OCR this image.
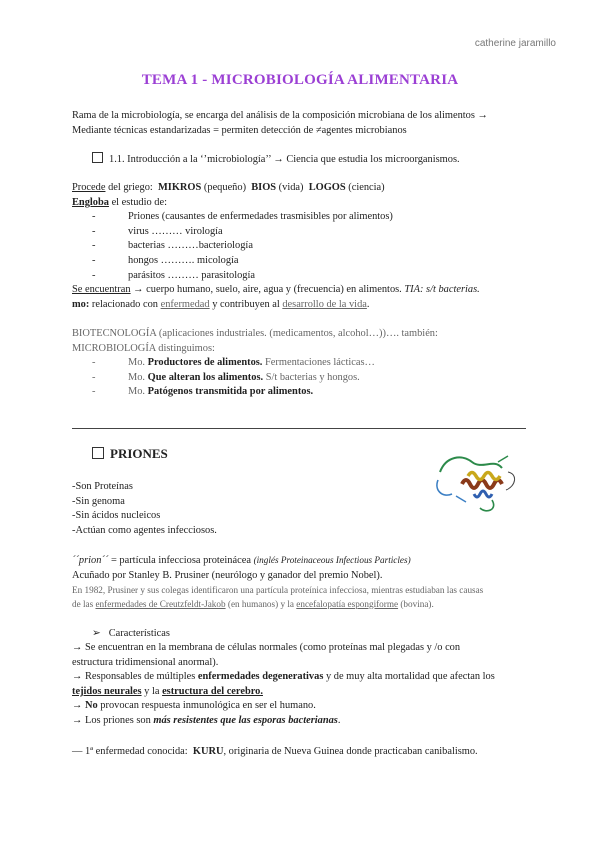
catherine jaramillo
TEMA 1 - MICROBIOLOGÍA ALIMENTARIA
Rama de la microbiología, se encarga del análisis de la composición microbiana de los alimentos →
Mediante técnicas estandarizadas = permiten detección de ≠agentes microbianos
1.1. Introducción a la ‘’microbiología’’ → Ciencia que estudia los microorganismos.
Procede del griego:  MIKROS (pequeño)  BIOS (vida)  LOGOS (ciencia)
Engloba el estudio de:
-	Priones (causantes de enfermedades trasmisibles por alimentos)
-	virus ……… virología
-	bacterias ………bacteriología
-	hongos ………. micología
-	parásitos ……… parasitología
Se encuentran → cuerpo humano, suelo, aire, agua y (frecuencia) en alimentos. TIA: s/t bacterias.
mo: relacionado con enfermedad y contribuyen al desarrollo de la vida.
BIOTECNOLOGÍA (aplicaciones industriales. (medicamentos, alcohol…))…. también:
MICROBIOLOGÍA distinguimos:
-	Mo. Productores de alimentos. Fermentaciones lácticas…
-	Mo. Que alteran los alimentos. S/t bacterias y hongos.
-	Mo. Patógenos transmitida por alimentos.
PRIONES
-Son Proteínas
-Sin genoma
-Sin ácidos nucleicos
-Actúan como agentes infecciosos.
´´prion´´ = partícula infecciosa proteinácea (inglés Proteinaceous Infectious Particles)
Acuñado por Stanley B. Prusiner (neurólogo y ganador del premio Nobel).
En 1982, Prusiner y sus colegas identificaron una partícula proteínica infecciosa, mientras estudiaban las causas
de las enfermedades de Creutzfeldt-Jakob (en humanos) y la encefalopatía espongiforme (bovina).
➢ Características
→ Se encuentran en la membrana de células normales (como proteínas mal plegadas y /o con
estructura tridimensional anormal).
→ Responsables de múltiples enfermedades degenerativas y de muy alta mortalidad que afectan los
tejidos neurales y la estructura del cerebro.
→ No provocan respuesta inmunológica en ser el humano.
→ Los priones son más resistentes que las esporas bacterianas.
— 1ª enfermedad conocida:  KURU, originaria de Nueva Guinea donde practicaban canibalismo.
